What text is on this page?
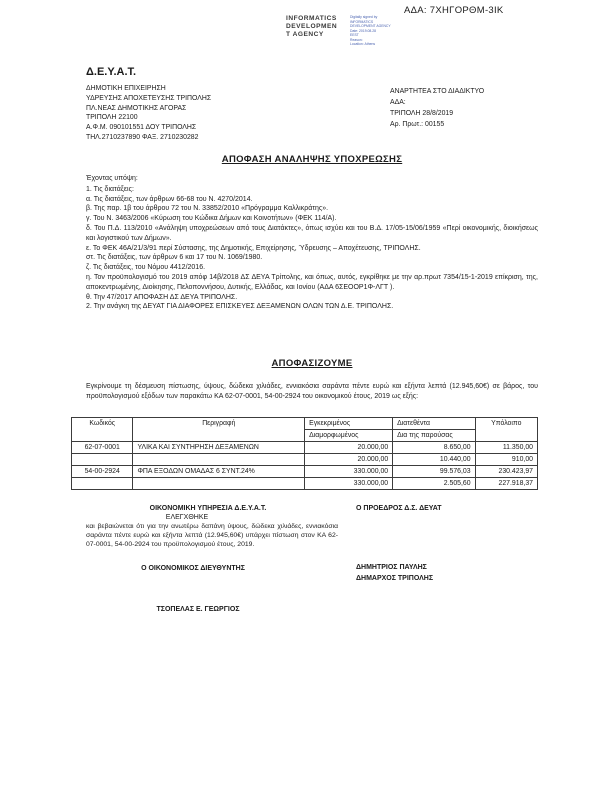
ΑΔΑ: 7ΧΗΓΟΡΘΜ-3ΙΚ
INFORMATICS
DEVELOPMEN
T AGENCY
Digitally signed by
INFORMATICS
DEVELOPMENT AGENCY
Date: 2019.08.28
EEST
Reason:
Location: Athens
Δ.Ε.Υ.Α.Τ.
ΔΗΜΟΤΙΚΗ ΕΠΙΧΕΙΡΗΣΗ
ΥΔΡΕΥΣΗΣ ΑΠΟΧΕΤΕΥΣΗΣ ΤΡΙΠΟΛΗΣ
ΠΛ.ΝΕΑΣ ΔΗΜΟΤΙΚΗΣ ΑΓΟΡΑΣ
ΤΡΙΠΟΛΗ 22100
Α.Φ.Μ. 090101551 ΔΟΥ ΤΡΙΠΟΛΗΣ
ΤΗΛ.2710237890 ΦΑΞ. 2710230282
ΑΝΑΡΤΗΤΕΑ ΣΤΟ ΔΙΑΔΙΚΤΥΟ
ΑΔΑ:
ΤΡΙΠΟΛΗ 28/8/2019
Αρ. Πρωτ.: 00155
ΑΠΟΦΑΣΗ ΑΝΑΛΗΨΗΣ ΥΠΟΧΡΕΩΣΗΣ
Έχοντας υπόψη:
1. Τις διατάξεις:
α. Τις διατάξεις, των άρθρων 66-68 του Ν. 4270/2014.
β. Της παρ. 1β του άρθρου 72 του Ν. 33852/2010 «Πρόγραμμα Καλλικράτης».
γ. Του Ν. 3463/2006 «Κύρωση του Κώδικα Δήμων και Κοινοτήτων» (ΦΕΚ 114/Α).
δ. Του Π.Δ. 113/2010 «Ανάληψη υποχρεώσεων από τους Διατάκτες», όπως ισχύει και του Β.Δ. 17/05-15/06/1959 «Περί οικονομικής, διοικήσεως και λογιστικού των Δήμων».
ε. Το ΦΕΚ 46Α/21/3/91 περί Σύστασης, της Δημοτικής, Επιχείρησης, Ύδρευσης – Αποχέτευσης, ΤΡΙΠΟΛΗΣ.
στ. Τις διατάξεις, των άρθρων 6 και 17 του Ν. 1069/1980.
ζ. Τις διατάξεις, του Νόμου 4412/2016.
η. Τον προϋπολογισμό του 2019 απόφ 14β/2018 ΔΣ ΔΕΥΑ Τρίπολης, και όπως, αυτός, εγκρίθηκε με την αρ.πρωτ 7354/15-1-2019 επίκριση, της, αποκεντρωμένης, Διοίκησης, Πελοποννήσου, Δυτικής, Ελλάδας, και Ιονίου (ΑΔΑ 6ΣΕΟΟΡ1Φ-ΛΓΤ ).
θ. Την 47/2017 ΑΠΟΦΑΣΗ ΔΣ ΔΕΥΑ ΤΡΙΠΟΛΗΣ.
2. Την ανάγκη της ΔΕΥΑΤ ΓΙΑ ΔΙΑΦΟΡΕΣ ΕΠΙΣΚΕΥΕΣ ΔΕΞΑΜΕΝΩΝ ΟΛΩΝ ΤΩΝ Δ.Ε. ΤΡΙΠΟΛΗΣ.
ΑΠΟΦΑΣΙΖΟΥΜΕ
Εγκρίνουμε τη δέσμευση πίστωσης, ύψους, δώδεκα χιλιάδες, εννιακόσια σαράντα πέντε ευρώ και εξήντα λεπτά (12.945,60€) σε βάρος, του προϋπολογισμού εξόδων των παρακάτω ΚΑ 62-07-0001, 54-00-2924 του οικονομικού έτους, 2019 ως εξής:
Κωδικός	Περιγραφή	Εγκεκριμένος	Διατεθέντα	Υπόλοιπο
		Διαμορφωμένος	Δια της παρούσας	
62-07-0001	ΥΛΙΚΑ ΚΑΙ ΣΥΝΤΗΡΗΣΗ ΔΕΞΑΜΕΝΩΝ	20.000,00	8.650,00	11.350,00
		20.000,00	10.440,00	910,00
54-00-2924	ΦΠΑ ΕΞΟΔΩΝ ΟΜΑΔΑΣ 6 ΣΥΝΤ.24%	330.000,00	99.576,03	230.423,97
		330.000,00	2.505,60	227.918,37
ΟΙΚΟΝΟΜΙΚΗ ΥΠΗΡΕΣΙΑ Δ.Ε.Υ.Α.Τ.
ΕΛΕΓΧΘΗΚΕ
και βεβαιώνεται ότι για την ανωτέρω δαπάνη ύψους, δώδεκα χιλιάδες, εννιακόσια σαράντα πέντε ευρώ και εξήντα λεπτά (12.945,60€) υπάρχει πίστωση στον ΚΑ 62-07-0001, 54-00-2924 του προϋπολογισμού έτους, 2019.
Ο ΟΙΚΟΝΟΜΙΚΟΣ ΔΙΕΥΘΥΝΤΗΣ
ΤΣΟΠΕΛΑΣ Ε. ΓΕΩΡΓΙΟΣ
Ο ΠΡΟΕΔΡΟΣ Δ.Σ. ΔΕΥΑΤ
ΔΗΜΗΤΡΙΟΣ ΠΑΥΛΗΣ
ΔΗΜΑΡΧΟΣ ΤΡΙΠΟΛΗΣ
